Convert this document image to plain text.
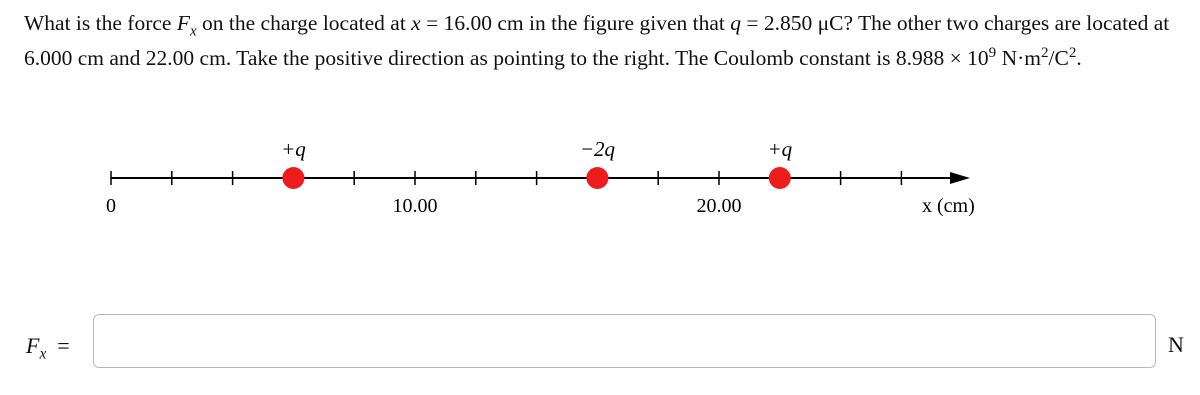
What is the force $F_x$ on the charge located at x = 16.00 cm in the figure given that q = 2.850 μC? The other two charges are located at 6.000 cm and 22.00 cm. Take the positive direction as pointing to the right. The Coulomb constant is $8.988 \times 10^9$ $N\cdot m^2/C^2$.

0	10.00	20.00
+q	−2q	+q
x (cm)
$F_x$ =	N
